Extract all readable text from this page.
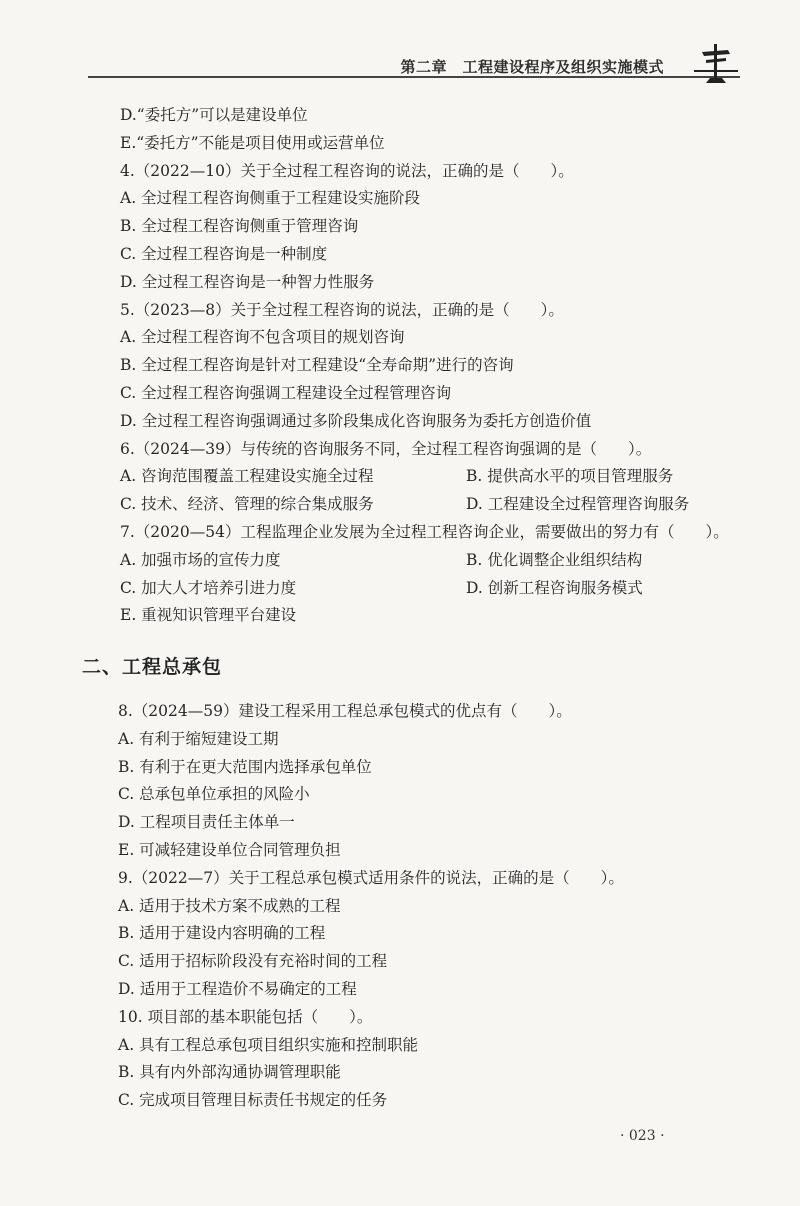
第二章　工程建设程序及组织实施模式
D.“委托方”可以是建设单位
E.“委托方”不能是项目使用或运营单位
4.（2022—10）关于全过程工程咨询的说法，正确的是（　　）。
A. 全过程工程咨询侧重于工程建设实施阶段
B. 全过程工程咨询侧重于管理咨询
C. 全过程工程咨询是一种制度
D. 全过程工程咨询是一种智力性服务
5.（2023—8）关于全过程工程咨询的说法，正确的是（　　）。
A. 全过程工程咨询不包含项目的规划咨询
B. 全过程工程咨询是针对工程建设“全寿命期”进行的咨询
C. 全过程工程咨询强调工程建设全过程管理咨询
D. 全过程工程咨询强调通过多阶段集成化咨询服务为委托方创造价值
6.（2024—39）与传统的咨询服务不同，全过程工程咨询强调的是（　　）。
A. 咨询范围覆盖工程建设实施全过程	B. 提供高水平的项目管理服务
C. 技术、经济、管理的综合集成服务	D. 工程建设全过程管理咨询服务
7.（2020—54）工程监理企业发展为全过程工程咨询企业，需要做出的努力有（　　）。
A. 加强市场的宣传力度	B. 优化调整企业组织结构
C. 加大人才培养引进力度	D. 创新工程咨询服务模式
E. 重视知识管理平台建设
二、工程总承包
8.（2024—59）建设工程采用工程总承包模式的优点有（　　）。
A. 有利于缩短建设工期
B. 有利于在更大范围内选择承包单位
C. 总承包单位承担的风险小
D. 工程项目责任主体单一
E. 可减轻建设单位合同管理负担
9.（2022—7）关于工程总承包模式适用条件的说法，正确的是（　　）。
A. 适用于技术方案不成熟的工程
B. 适用于建设内容明确的工程
C. 适用于招标阶段没有充裕时间的工程
D. 适用于工程造价不易确定的工程
10. 项目部的基本职能包括（　　）。
A. 具有工程总承包项目组织实施和控制职能
B. 具有内外部沟通协调管理职能
C. 完成项目管理目标责任书规定的任务
· 023 ·
